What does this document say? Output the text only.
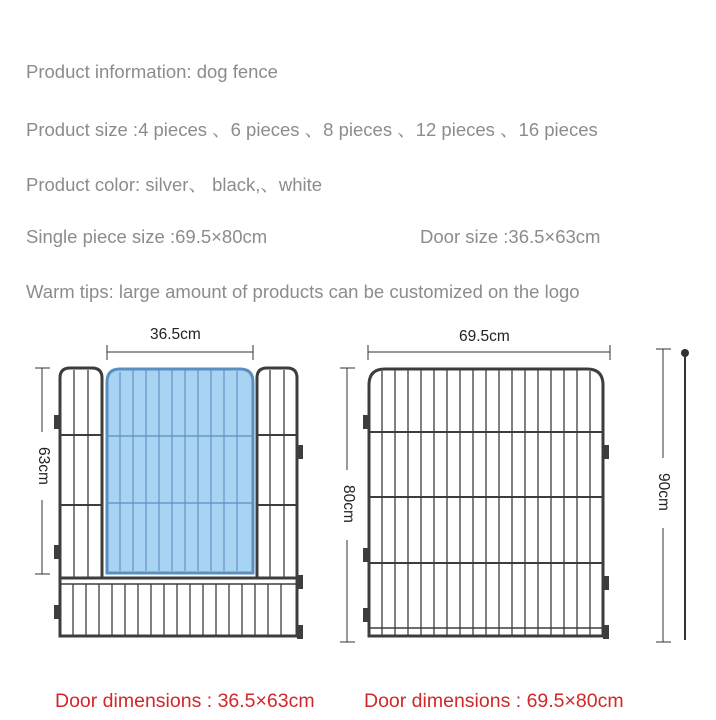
Product information: dog fence
Product size :4 pieces 、6 pieces 、8 pieces 、12 pieces 、16 pieces
Product color: silver、 black,、white
Single piece size :69.5×80cm	Door size :36.5×63cm
Warm tips: large amount of products can be customized on the logo
36.5cm
63cm
69.5cm
80cm	90cm
Door dimensions : 36.5×63cm	Door dimensions : 69.5×80cm
